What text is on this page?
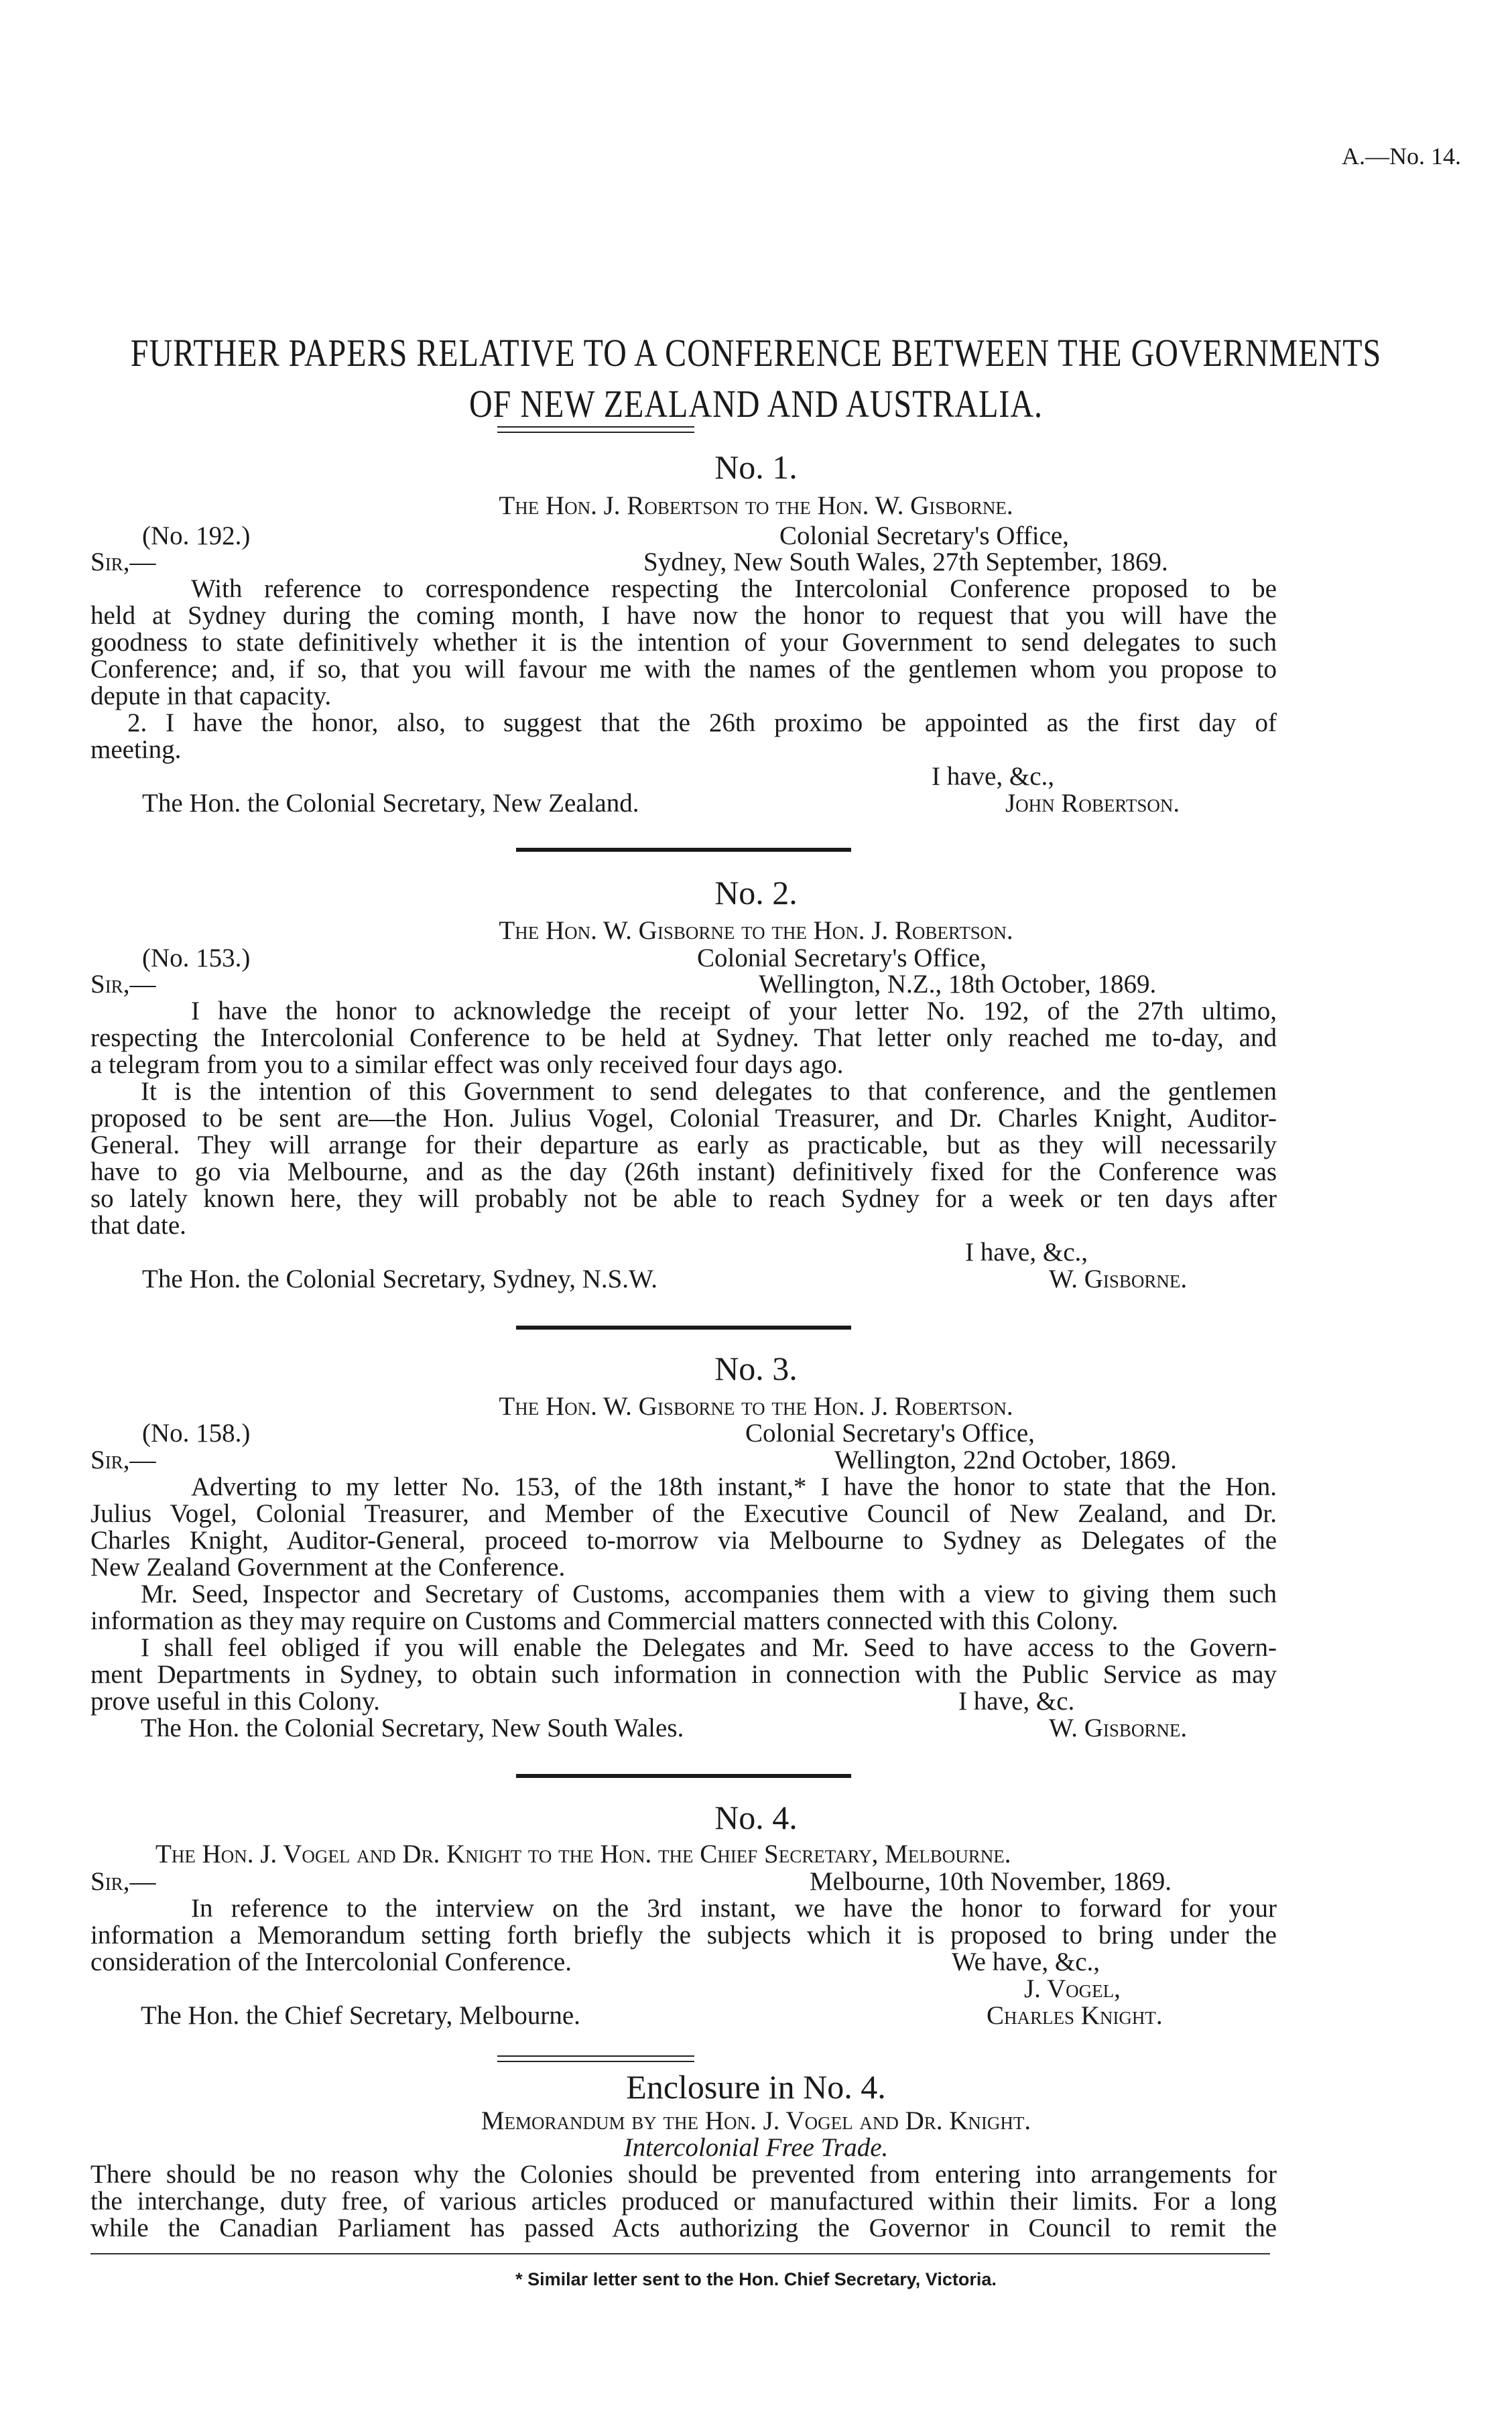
A.—No. 14.
FURTHER PAPERS RELATIVE TO A CONFERENCE BETWEEN THE GOVERNMENTS
OF NEW ZEALAND AND AUSTRALIA.
No. 1.
The Hon. J. Robertson to the Hon. W. Gisborne.
(No. 192.)	Colonial Secretary's Office,
Sir,—	Sydney, New South Wales, 27th September, 1869.
With reference to correspondence respecting the Intercolonial Conference proposed to be
held at Sydney during the coming month, I have now the honor to request that you will have the
goodness to state definitively whether it is the intention of your Government to send delegates to such
Conference; and, if so, that you will favour me with the names of the gentlemen whom you propose to
depute in that capacity.
2. I have the honor, also, to suggest that the 26th proximo be appointed as the first day of
meeting.
I have, &c.,
The Hon. the Colonial Secretary, New Zealand.	John Robertson.
No. 2.
The Hon. W. Gisborne to the Hon. J. Robertson.
(No. 153.)	Colonial Secretary's Office,
Sir,—	Wellington, N.Z., 18th October, 1869.
I have the honor to acknowledge the receipt of your letter No. 192, of the 27th ultimo,
respecting the Intercolonial Conference to be held at Sydney. That letter only reached me to-day, and
a telegram from you to a similar effect was only received four days ago.
It is the intention of this Government to send delegates to that conference, and the gentlemen
proposed to be sent are—the Hon. Julius Vogel, Colonial Treasurer, and Dr. Charles Knight, Auditor-
General. They will arrange for their departure as early as practicable, but as they will necessarily
have to go via Melbourne, and as the day (26th instant) definitively fixed for the Conference was
so lately known here, they will probably not be able to reach Sydney for a week or ten days after
that date.
I have, &c.,
The Hon. the Colonial Secretary, Sydney, N.S.W.	W. Gisborne.
No. 3.
The Hon. W. Gisborne to the Hon. J. Robertson.
(No. 158.)	Colonial Secretary's Office,
Sir,—	Wellington, 22nd October, 1869.
Adverting to my letter No. 153, of the 18th instant,* I have the honor to state that the Hon.
Julius Vogel, Colonial Treasurer, and Member of the Executive Council of New Zealand, and Dr.
Charles Knight, Auditor-General, proceed to-morrow via Melbourne to Sydney as Delegates of the
New Zealand Government at the Conference.
Mr. Seed, Inspector and Secretary of Customs, accompanies them with a view to giving them such
information as they may require on Customs and Commercial matters connected with this Colony.
I shall feel obliged if you will enable the Delegates and Mr. Seed to have access to the Govern-
ment Departments in Sydney, to obtain such information in connection with the Public Service as may
prove useful in this Colony.	I have, &c.
The Hon. the Colonial Secretary, New South Wales.	W. Gisborne.
No. 4.
The Hon. J. Vogel and Dr. Knight to the Hon. the Chief Secretary, Melbourne.
Sir,—	Melbourne, 10th November, 1869.
In reference to the interview on the 3rd instant, we have the honor to forward for your
information a Memorandum setting forth briefly the subjects which it is proposed to bring under the
consideration of the Intercolonial Conference.	We have, &c.,
J. Vogel,
The Hon. the Chief Secretary, Melbourne.	Charles Knight.
Enclosure in No. 4.
Memorandum by the Hon. J. Vogel and Dr. Knight.
Intercolonial Free Trade.
There should be no reason why the Colonies should be prevented from entering into arrangements for
the interchange, duty free, of various articles produced or manufactured within their limits. For a long
while the Canadian Parliament has passed Acts authorizing the Governor in Council to remit the
* Similar letter sent to the Hon. Chief Secretary, Victoria.
